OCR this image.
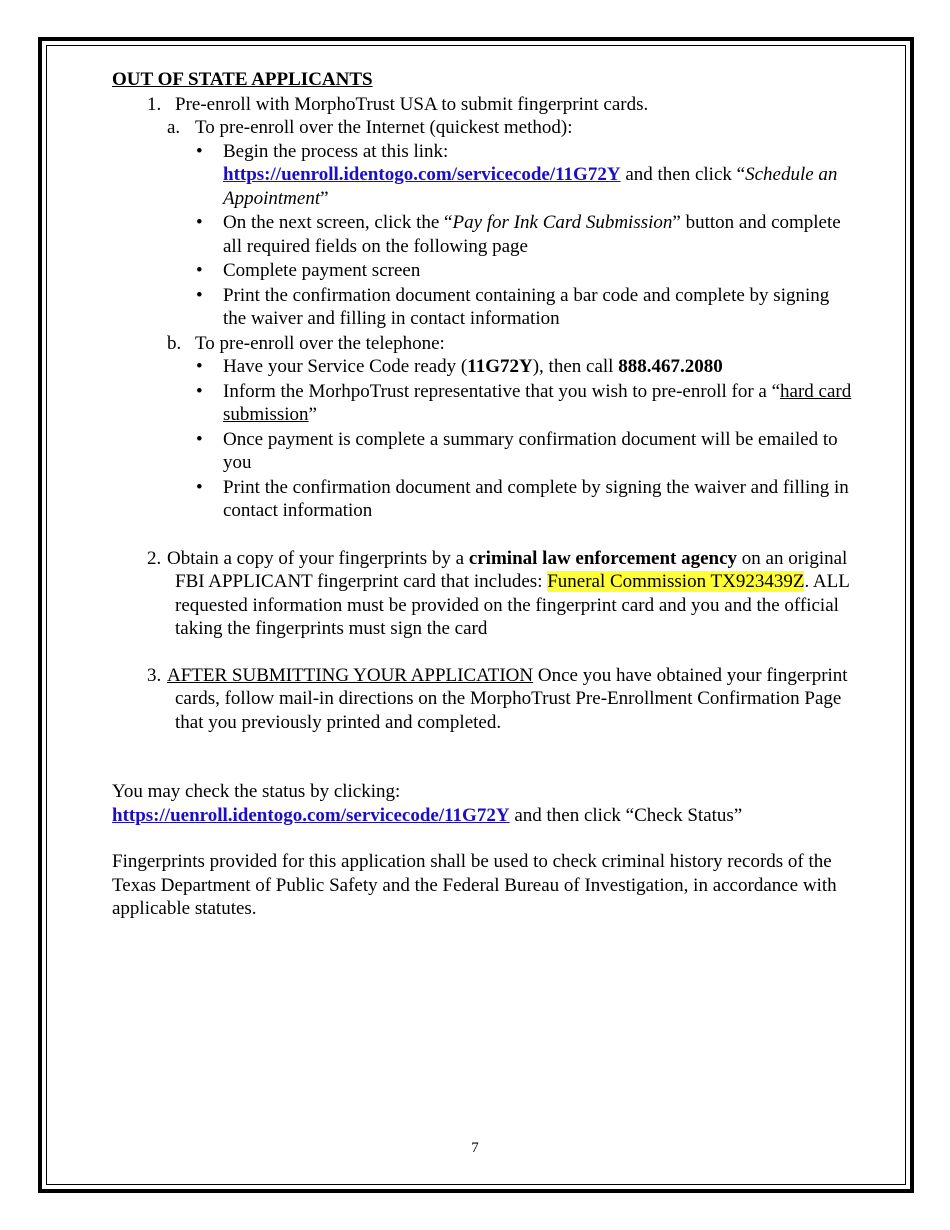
OUT OF STATE APPLICANTS

1. Pre-enroll with MorphoTrust USA to submit fingerprint cards.
a. To pre-enroll over the Internet (quickest method):
• Begin the process at this link:
https://uenroll.identogo.com/servicecode/11G72Y and then click “Schedule an Appointment”
• On the next screen, click the “Pay for Ink Card Submission” button and complete all required fields on the following page
• Complete payment screen
• Print the confirmation document containing a bar code and complete by signing the waiver and filling in contact information
b. To pre-enroll over the telephone:
• Have your Service Code ready (11G72Y), then call 888.467.2080
• Inform the MorhpoTrust representative that you wish to pre-enroll for a “hard card submission”
• Once payment is complete a summary confirmation document will be emailed to you
• Print the confirmation document and complete by signing the waiver and filling in contact information
2. Obtain a copy of your fingerprints by a criminal law enforcement agency on an original FBI APPLICANT fingerprint card that includes: Funeral Commission TX923439Z. ALL requested information must be provided on the fingerprint card and you and the official taking the fingerprints must sign the card
3. AFTER SUBMITTING YOUR APPLICATION Once you have obtained your fingerprint cards, follow mail-in directions on the MorphoTrust Pre-Enrollment Confirmation Page that you previously printed and completed.

You may check the status by clicking:
https://uenroll.identogo.com/servicecode/11G72Y and then click “Check Status”

Fingerprints provided for this application shall be used to check criminal history records of the Texas Department of Public Safety and the Federal Bureau of Investigation, in accordance with applicable statutes.

7
